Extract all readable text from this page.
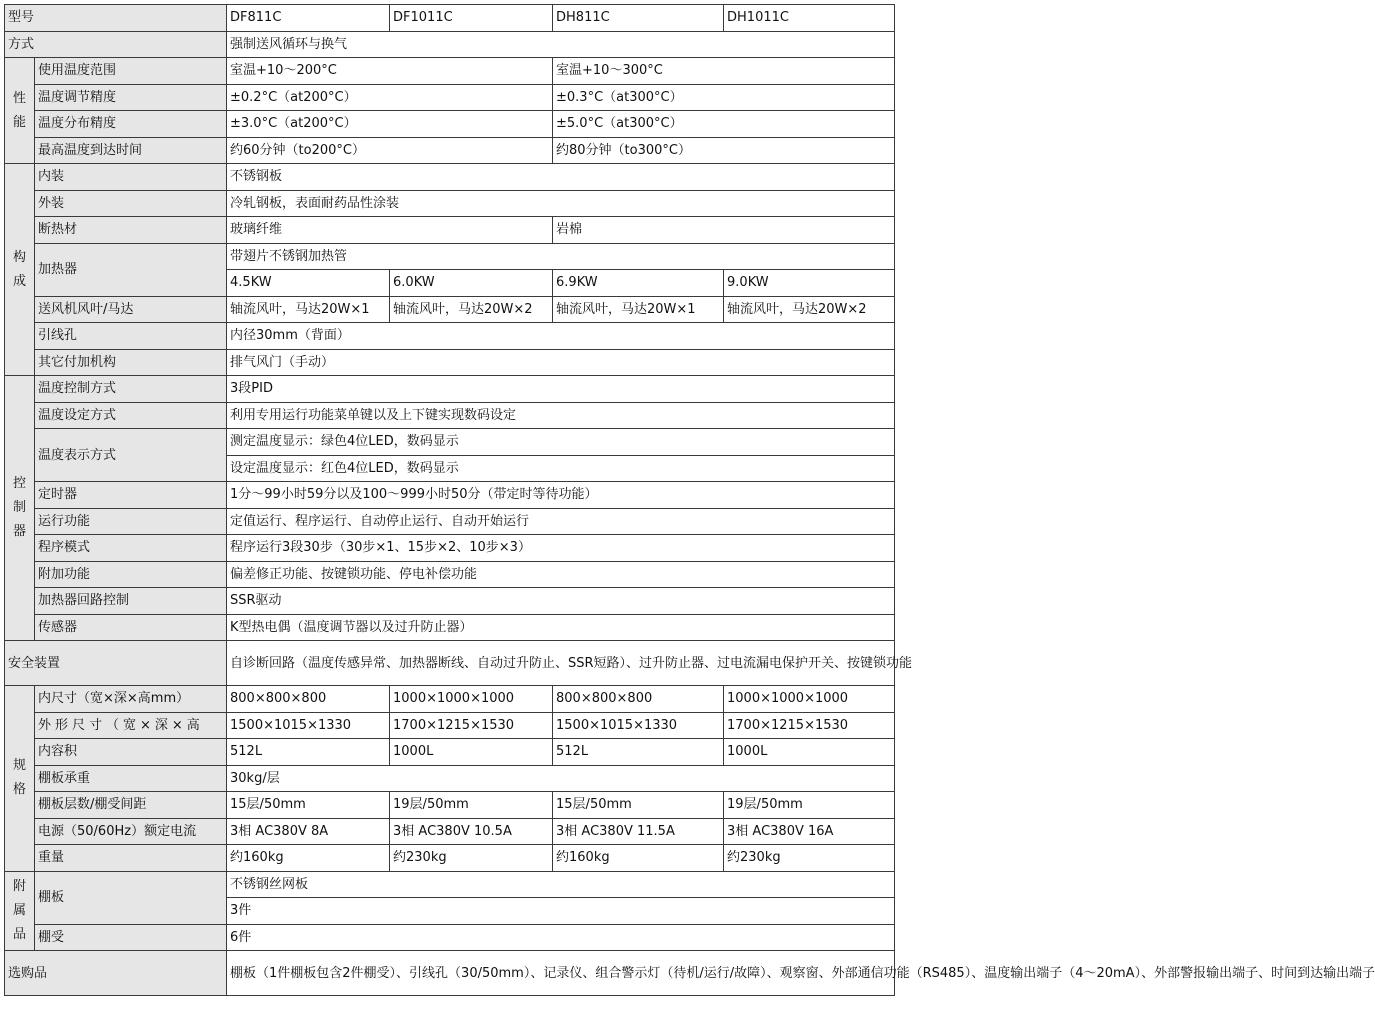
型号		DF811C	DF1011C	DH811C	DH1011C
方式		强制送风循环与换气			

性能	使用温度范围	室温+10～200°C		室温+10～300°C	
	温度调节精度	±0.2°C（at200°C）		±0.3°C（at300°C）	
	温度分布精度	±3.0°C（at200°C）		±5.0°C（at300°C）	
	最高温度到达时间	约60分钟（to200°C）		约80分钟（to300°C）	

构成	内装	不锈钢板			
	外装	冷轧钢板，表面耐药品性涂装			
	断热材	玻璃纤维		岩棉	
	加热器	带翅片不锈钢加热管			
		4.5KW	6.0KW	6.9KW	9.0KW
	送风机风叶/马达	轴流风叶，马达20W×1	轴流风叶，马达20W×2	轴流风叶，马达20W×1	轴流风叶，马达20W×2
	引线孔	内径30mm（背面）			
	其它付加机构	排气风门（手动）			

控制器	温度控制方式	3段PID			
	温度设定方式	利用专用运行功能菜单键以及上下键实现数码设定			
	温度表示方式	测定温度显示：绿色4位LED，数码显示			
		设定温度显示：红色4位LED，数码显示			
	定时器	1分～99小时59分以及100～999小时50分（带定时等待功能）			
	运行功能	定值运行、程序运行、自动停止运行、自动开始运行			
	程序模式	程序运行3段30步（30步×1、15步×2、10步×3）			
	附加功能	偏差修正功能、按键锁功能、停电补偿功能			
	加热器回路控制	SSR驱动			
	传感器	K型热电偶（温度调节器以及过升防止器）			
安全装置		自诊断回路（温度传感异常、加热器断线、自动过升防止、SSR短路）、过升防止器、过电流漏电保护开关、按键锁功能			

规格	内尺寸（宽×深×高mm）	800×800×800	1000×1000×1000	800×800×800	1000×1000×1000
	外形尺寸（宽×深×高	1500×1015×1330	1700×1215×1530	1500×1015×1330	1700×1215×1530
	内容积	512L	1000L	512L	1000L
	棚板承重	30kg/层			
	棚板层数/棚受间距	15层/50mm	19层/50mm	15层/50mm	19层/50mm
	电源（50/60Hz）额定电流	3相 AC380V 8A	3相 AC380V 10.5A	3相 AC380V 11.5A	3相 AC380V 16A
	重量	约160kg	约230kg	约160kg	约230kg

附属品	棚板	不锈钢丝网板			
		3件			
	棚受	6件			
选购品		棚板（1件棚板包含2件棚受）、引线孔（30/50mm）、记录仪、组合警示灯（待机/运行/故障）、观察窗、外部通信功能（RS485）、温度输出端子（4～20mA）、外部警报输出端子、时间到达输出端子			
